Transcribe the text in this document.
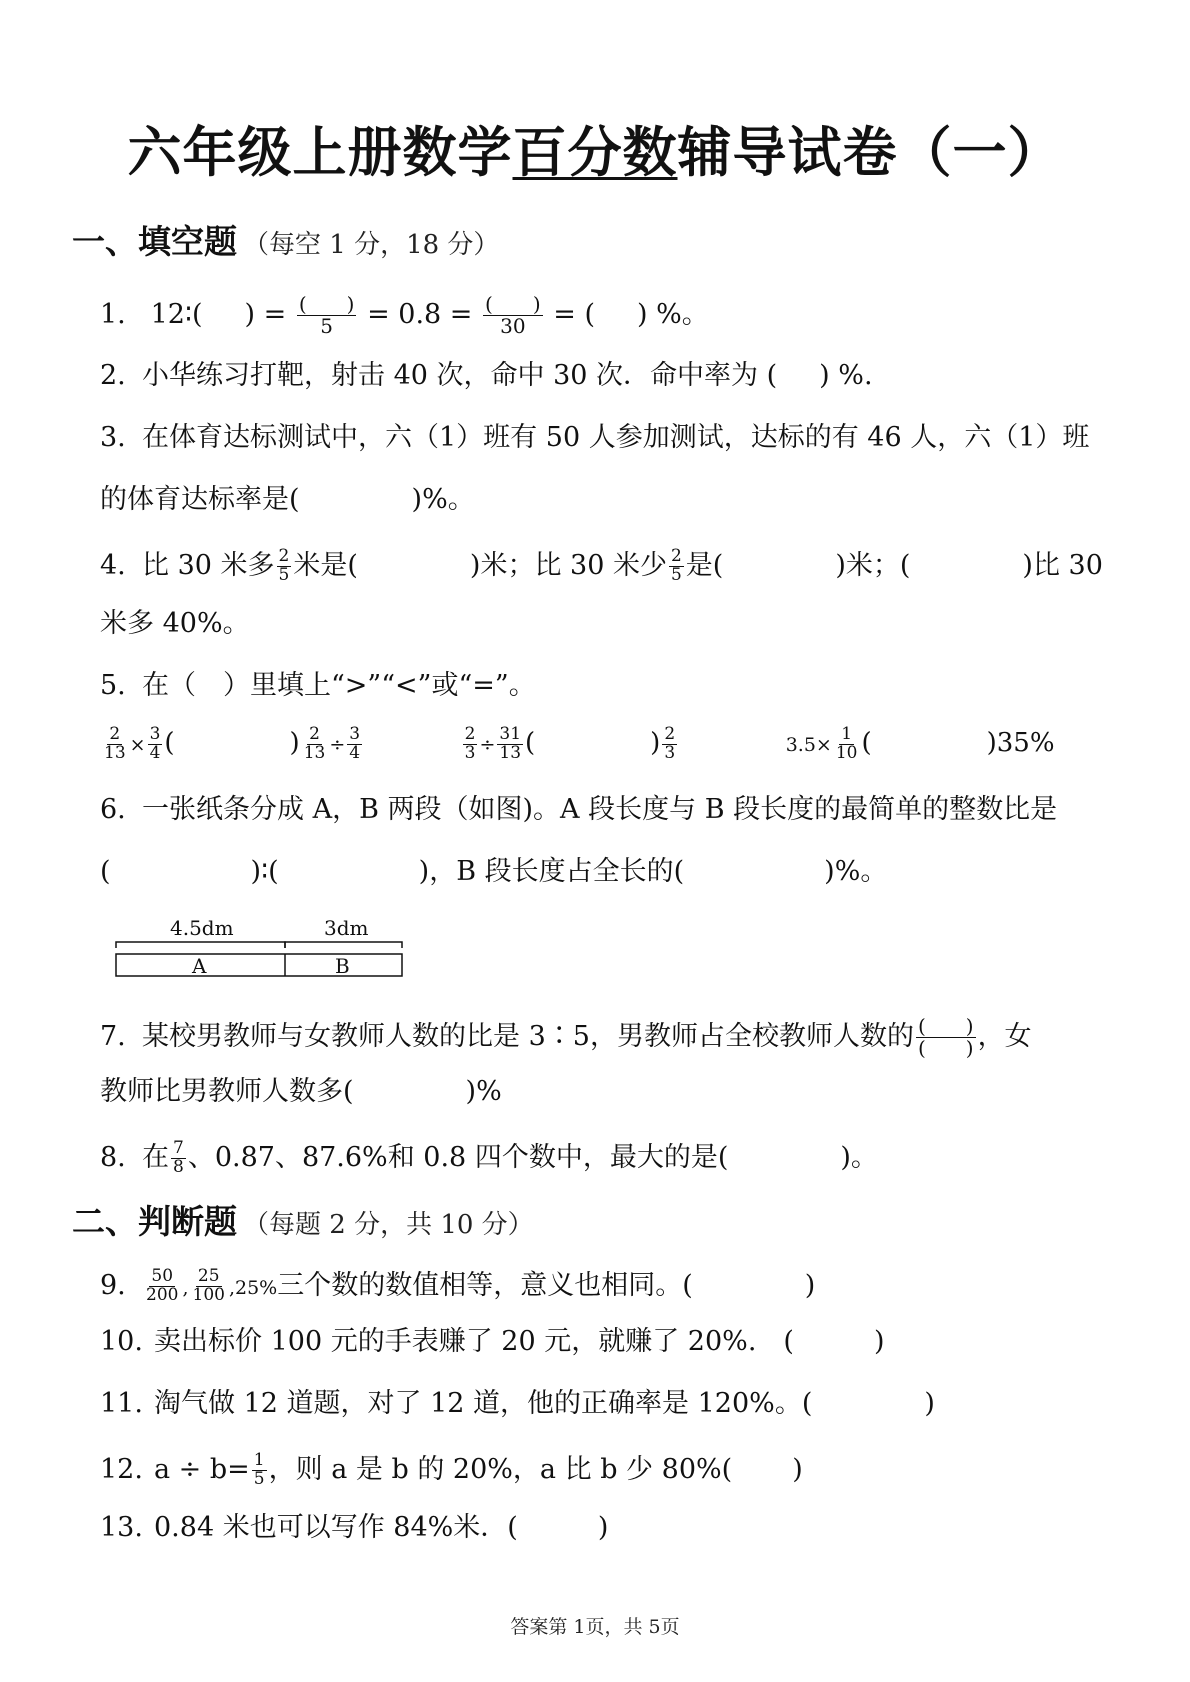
六年级上册数学百分数辅导试卷（一）
一、填空题 （每空 1 分，18 分）
1. 12∶( ) = $\frac{( )}{5} = 0.8 = \frac{( )}{30}$ = ( ) %。
2. 小华练习打靶，射击 40 次，命中 30 次．命中率为 ( ) %.
3. 在体育达标测试中，六（1）班有 50 人参加测试，达标的有 46 人，六（1）班
的体育达标率是(	)%。
4. 比 30 米多 $\frac{2}{5}$ 米是(	)米；比 30 米少 $\frac{2}{5}$ 是(	)米；(	)比 30
米多 40%。
5. 在（　）里填上“>”“<”或“=”。
$\frac{2}{13} \times \frac{3}{4}$ (	) $\frac{2}{13} \div \frac{3}{4}$
	$\frac{2}{3} \div \frac{31}{13}$ (	) $\frac{2}{3}$	$3.5\times \frac{1}{10}$ (	)35%
6. 一张纸条分成 A，B 两段（如图)。A 段长度与 B 段长度的最简单的整数比是
(	)∶(	)，B 段长度占全长的(	)%。
4.5dm	3dm
A	B
7. 某校男教师与女教师人数的比是 3∶5，男教师占全校教师人数的 $\frac{( )}{( )}$ ，女
教师比男教师人数多(	)%
8. 在 $\frac{7}{8}$ 、0.87、87.6%和 0.8 四个数中，最大的是(	)。
二、判断题 （每题 2 分，共 10 分）
9. $\frac{50}{200}$ , $\frac{25}{100} ,25\%$三个数的数值相等，意义也相同。(	)
10. 卖出标价 100 元的手表赚了 20 元，就赚了 20%.　(	)
11. 淘气做 12 道题，对了 12 道，他的正确率是 120%。(	)
12. $a \div b= \frac{1}{5}$ ，则 a 是 b 的 20%，a 比 b 少 80%( )
13. 0.84 米也可以写作 84%米．(	)
答案第 1页，共 5页
